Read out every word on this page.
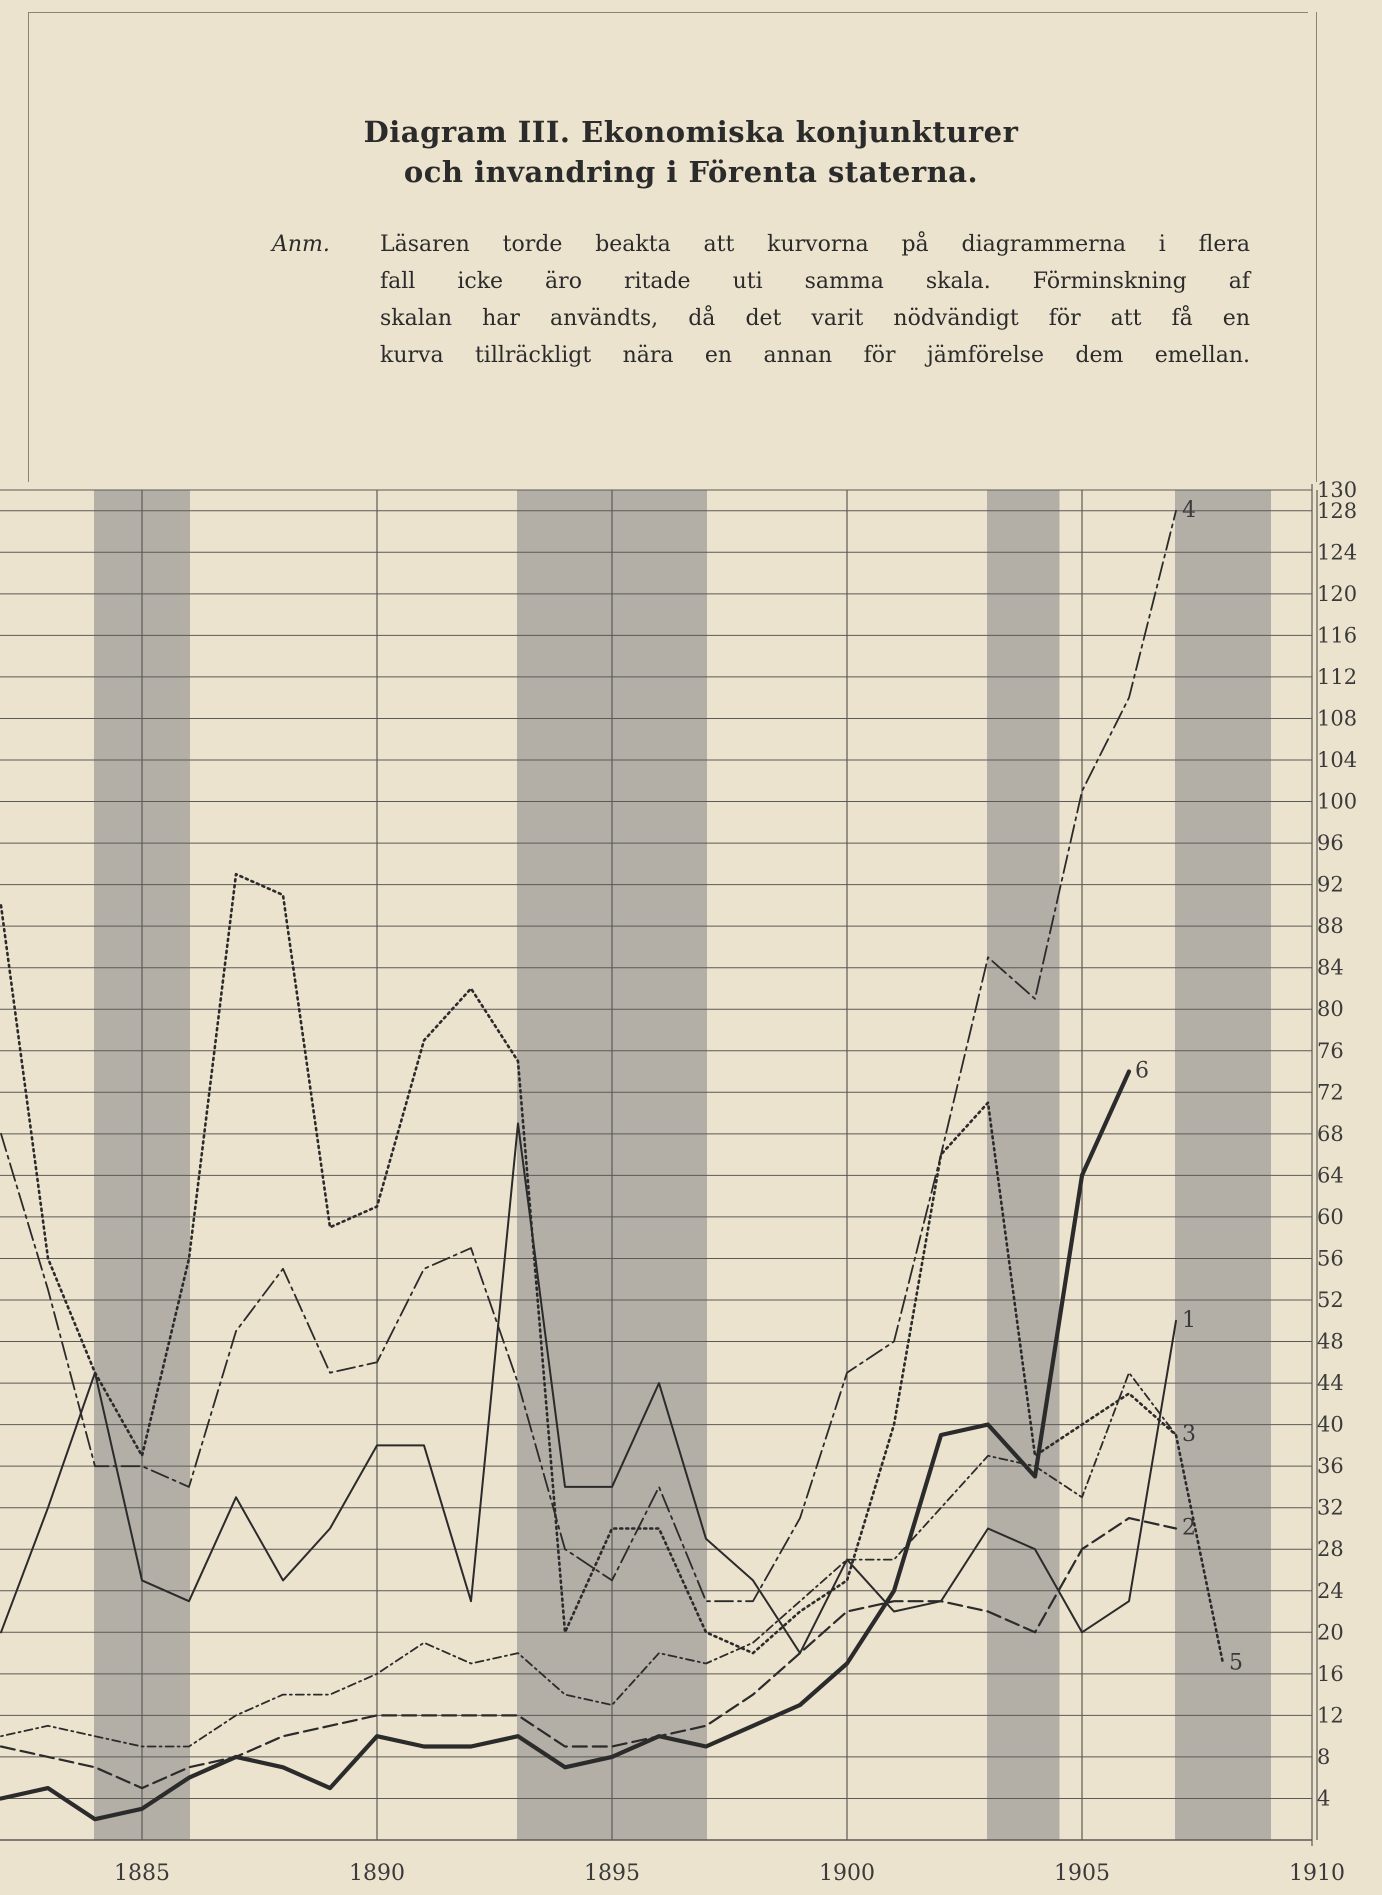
Diagram III. Ekonomiska konjunkturer
och invandring i Förenta staterna.
Anm. Läsaren torde beakta att kurvorna på diagrammerna i flera
fall icke äro ritade uti samma skala. Förminskning af
skalan har användts, då det varit nödvändigt för att få en
kurva tillräckligt nära en annan för jämförelse dem emellan.
4
8
12
16
20
24
28
32
36
40
44
48
52
56
60
64
68
72
76
80
84
88
92
96
100
104
108
112
116
120
124
128
130
1885	1890	1895	1900	1905	1910
1
2
3
4
5
6
